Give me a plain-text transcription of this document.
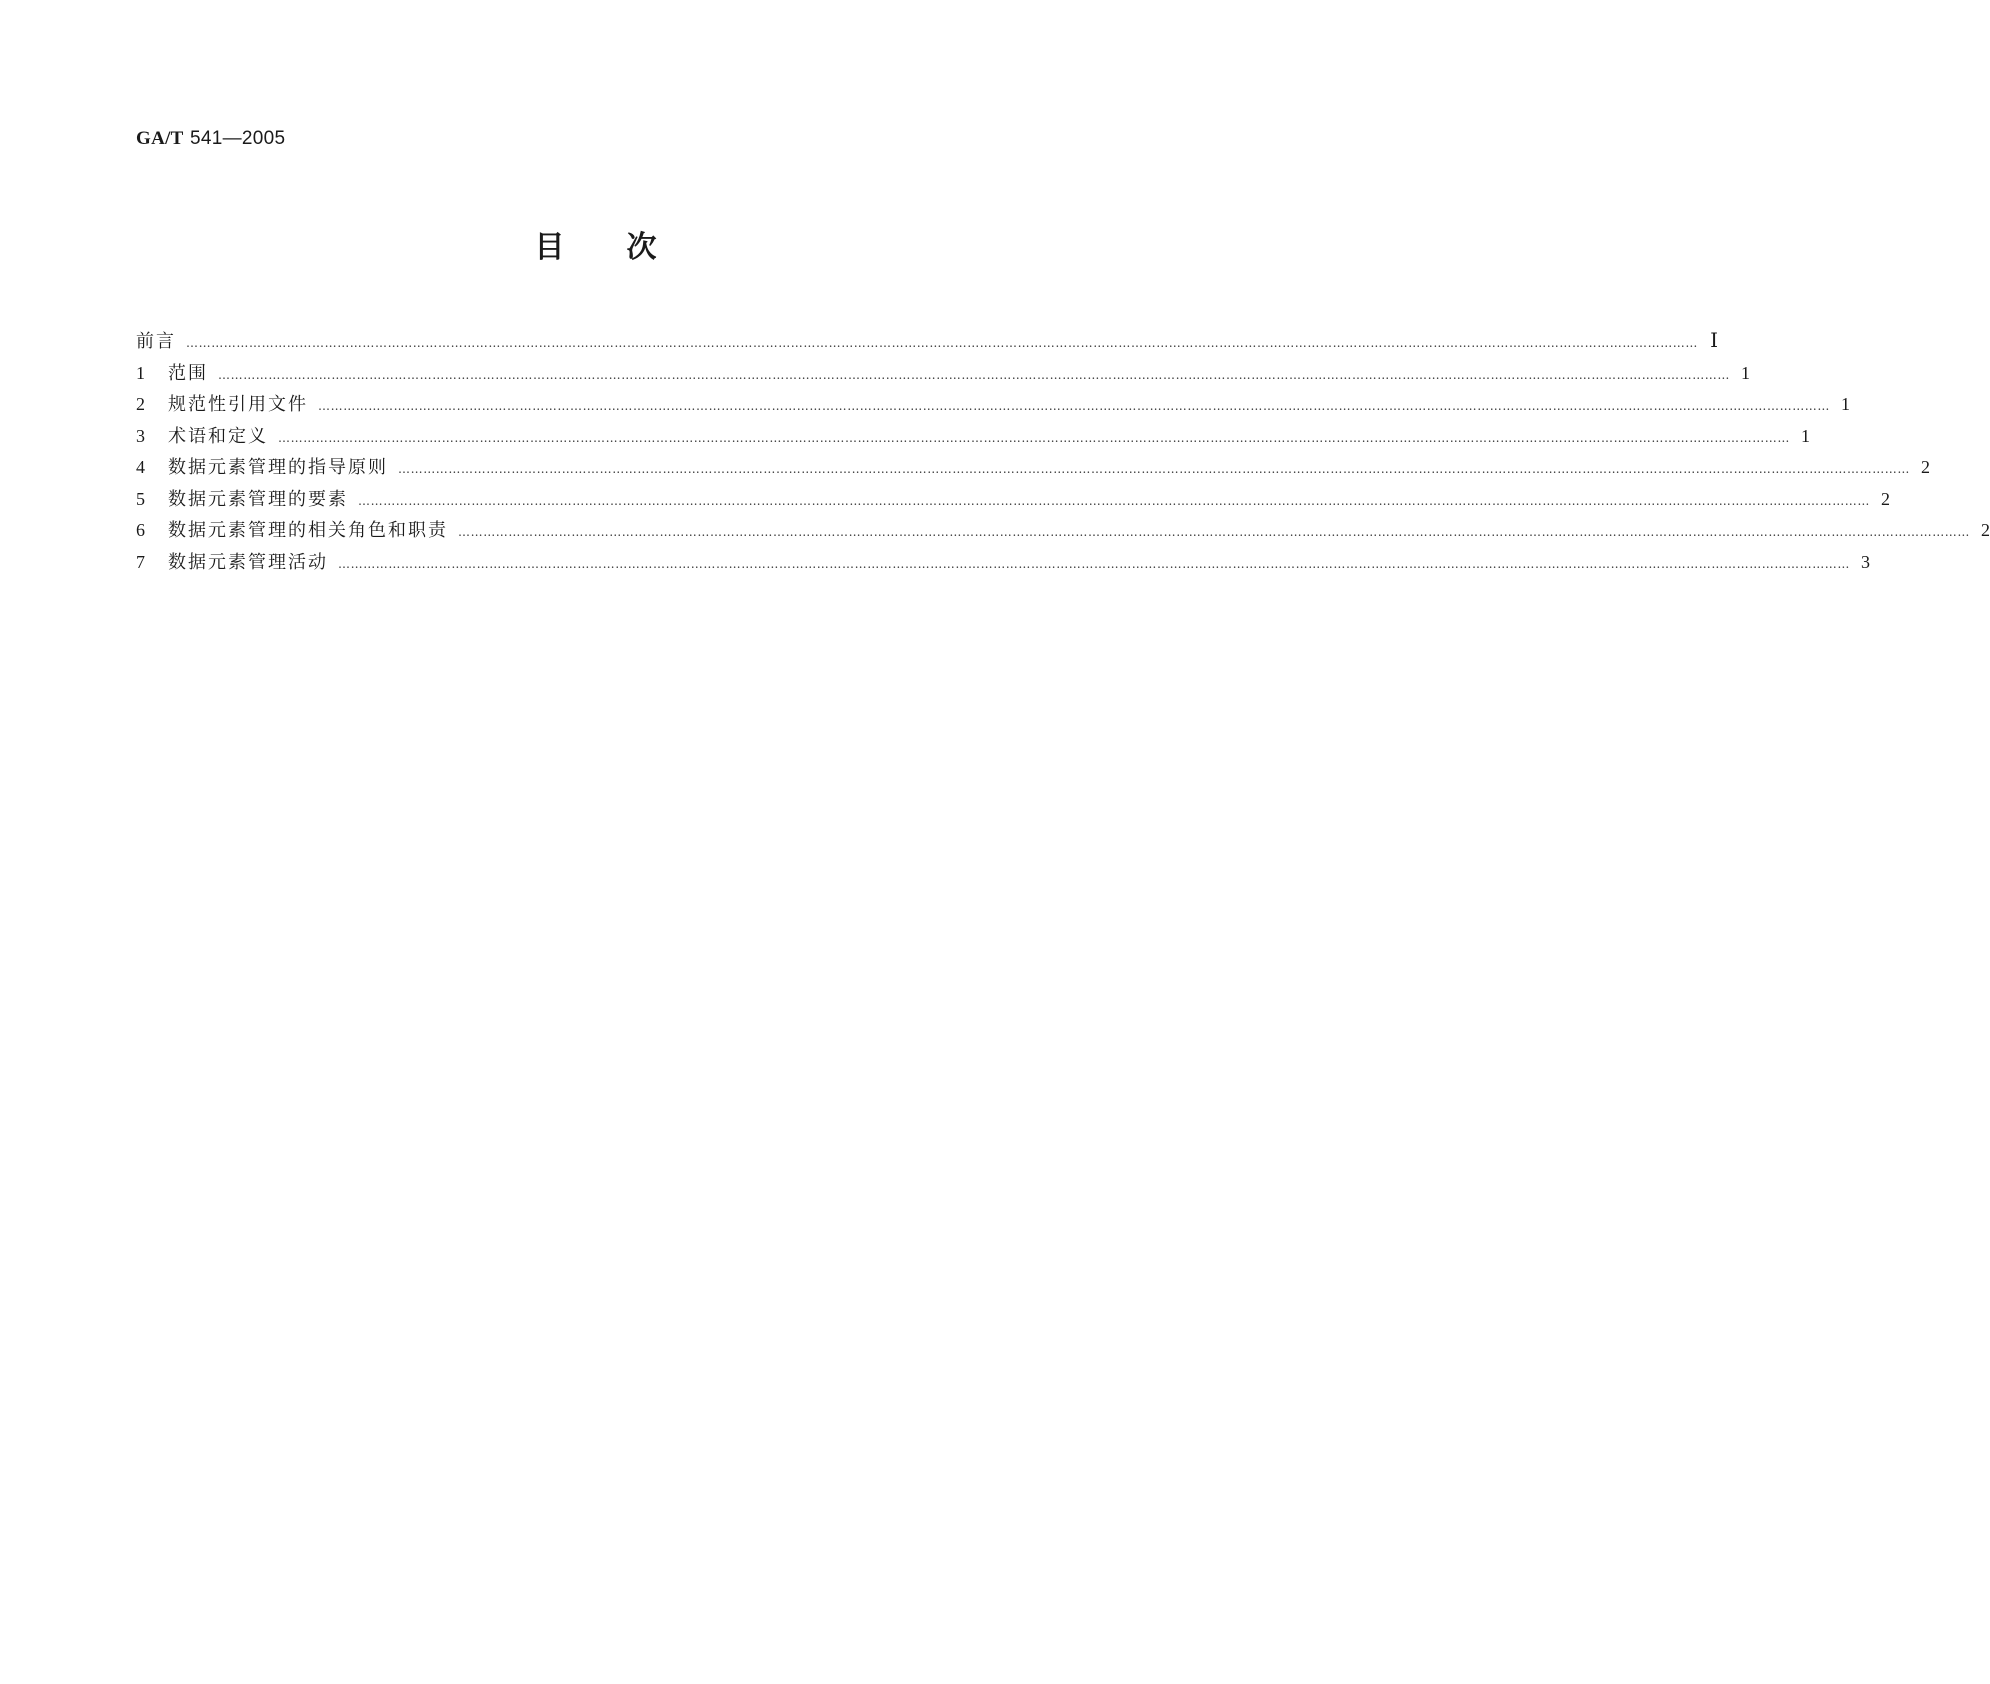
GA/T 541—2005
目次
前言 ……………………………………………………………………………………………………………………………………………………………………………………………………………………………………………………………………………………………………………………………… Ⅰ
1	范围 ……………………………………………………………………………………………………………………………………………………………………………………………………………………………………………………………………………………………………………………………… 1
2	规范性引用文件 ……………………………………………………………………………………………………………………………………………………………………………………………………………………………………………………………………………………………………………………………… 1
3	术语和定义 ……………………………………………………………………………………………………………………………………………………………………………………………………………………………………………………………………………………………………………………………… 1
4	数据元素管理的指导原则 ……………………………………………………………………………………………………………………………………………………………………………………………………………………………………………………………………………………………………………………………… 2
5	数据元素管理的要素 ……………………………………………………………………………………………………………………………………………………………………………………………………………………………………………………………………………………………………………………………… 2
6	数据元素管理的相关角色和职责 ……………………………………………………………………………………………………………………………………………………………………………………………………………………………………………………………………………………………………………………………… 2
7	数据元素管理活动 ……………………………………………………………………………………………………………………………………………………………………………………………………………………………………………………………………………………………………………………………… 3
